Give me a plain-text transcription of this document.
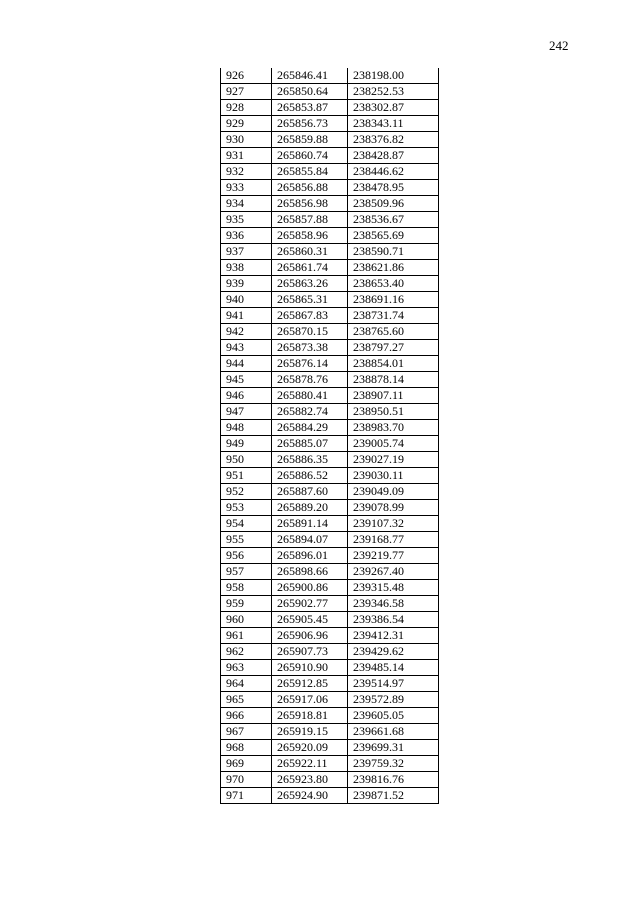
242
926	265846.41	238198.00
927	265850.64	238252.53
928	265853.87	238302.87
929	265856.73	238343.11
930	265859.88	238376.82
931	265860.74	238428.87
932	265855.84	238446.62
933	265856.88	238478.95
934	265856.98	238509.96
935	265857.88	238536.67
936	265858.96	238565.69
937	265860.31	238590.71
938	265861.74	238621.86
939	265863.26	238653.40
940	265865.31	238691.16
941	265867.83	238731.74
942	265870.15	238765.60
943	265873.38	238797.27
944	265876.14	238854.01
945	265878.76	238878.14
946	265880.41	238907.11
947	265882.74	238950.51
948	265884.29	238983.70
949	265885.07	239005.74
950	265886.35	239027.19
951	265886.52	239030.11
952	265887.60	239049.09
953	265889.20	239078.99
954	265891.14	239107.32
955	265894.07	239168.77
956	265896.01	239219.77
957	265898.66	239267.40
958	265900.86	239315.48
959	265902.77	239346.58
960	265905.45	239386.54
961	265906.96	239412.31
962	265907.73	239429.62
963	265910.90	239485.14
964	265912.85	239514.97
965	265917.06	239572.89
966	265918.81	239605.05
967	265919.15	239661.68
968	265920.09	239699.31
969	265922.11	239759.32
970	265923.80	239816.76
971	265924.90	239871.52
